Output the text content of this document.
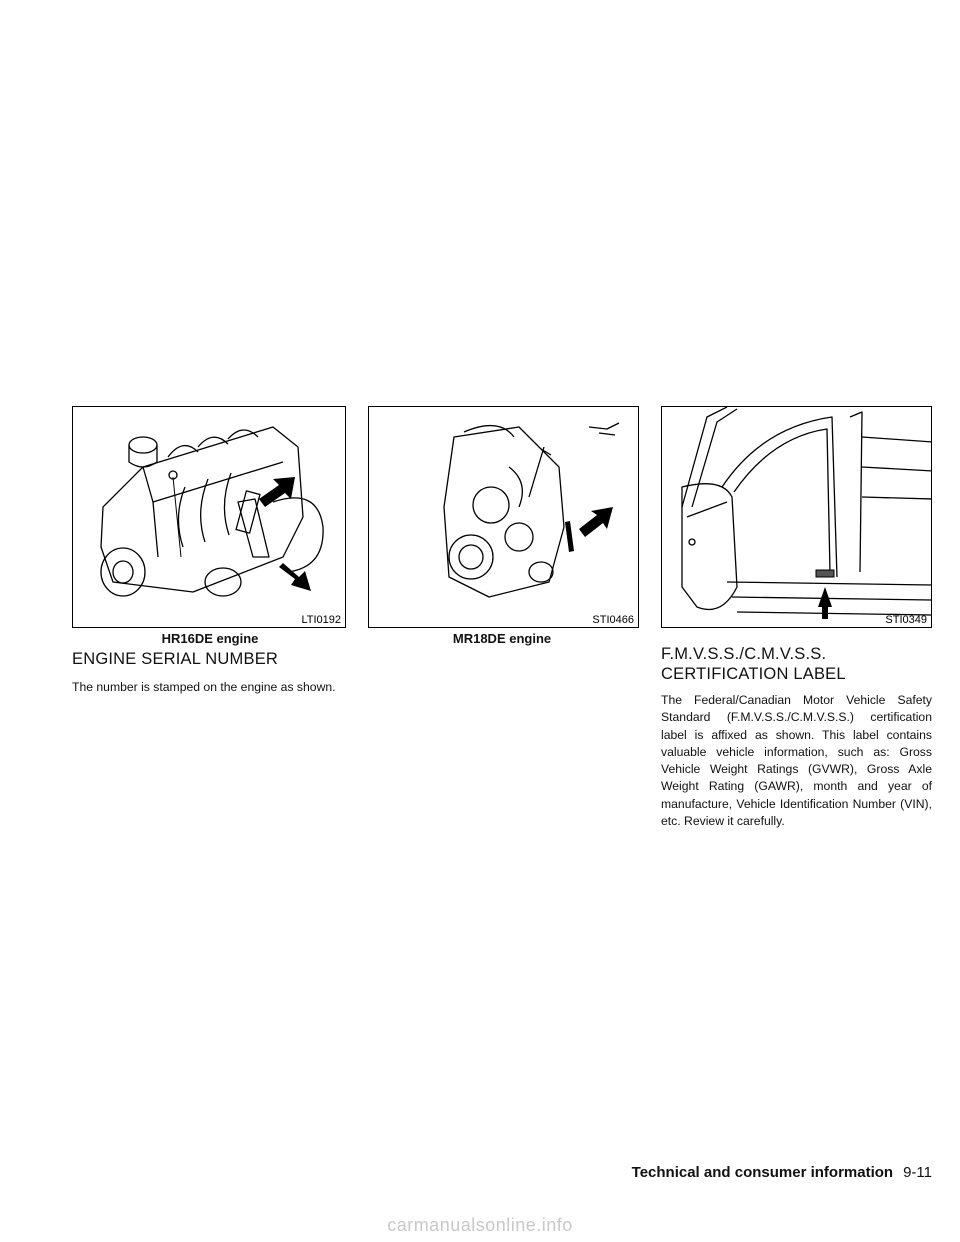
LTI0192	STI0466	STI0349
HR16DE engine	MR18DE engine
ENGINE SERIAL NUMBER
The number is stamped on the engine as shown.
F.M.V.S.S./C.M.V.S.S.
CERTIFICATION LABEL
The Federal/Canadian Motor Vehicle Safety Standard (F.M.V.S.S./C.M.V.S.S.) certification label is affixed as shown. This label contains valuable vehicle information, such as: Gross Vehicle Weight Ratings (GVWR), Gross Axle Weight Rating (GAWR), month and year of manufacture, Vehicle Identification Number (VIN), etc. Review it carefully.
Technical and consumer information 9-11
carmanualsonline.info
